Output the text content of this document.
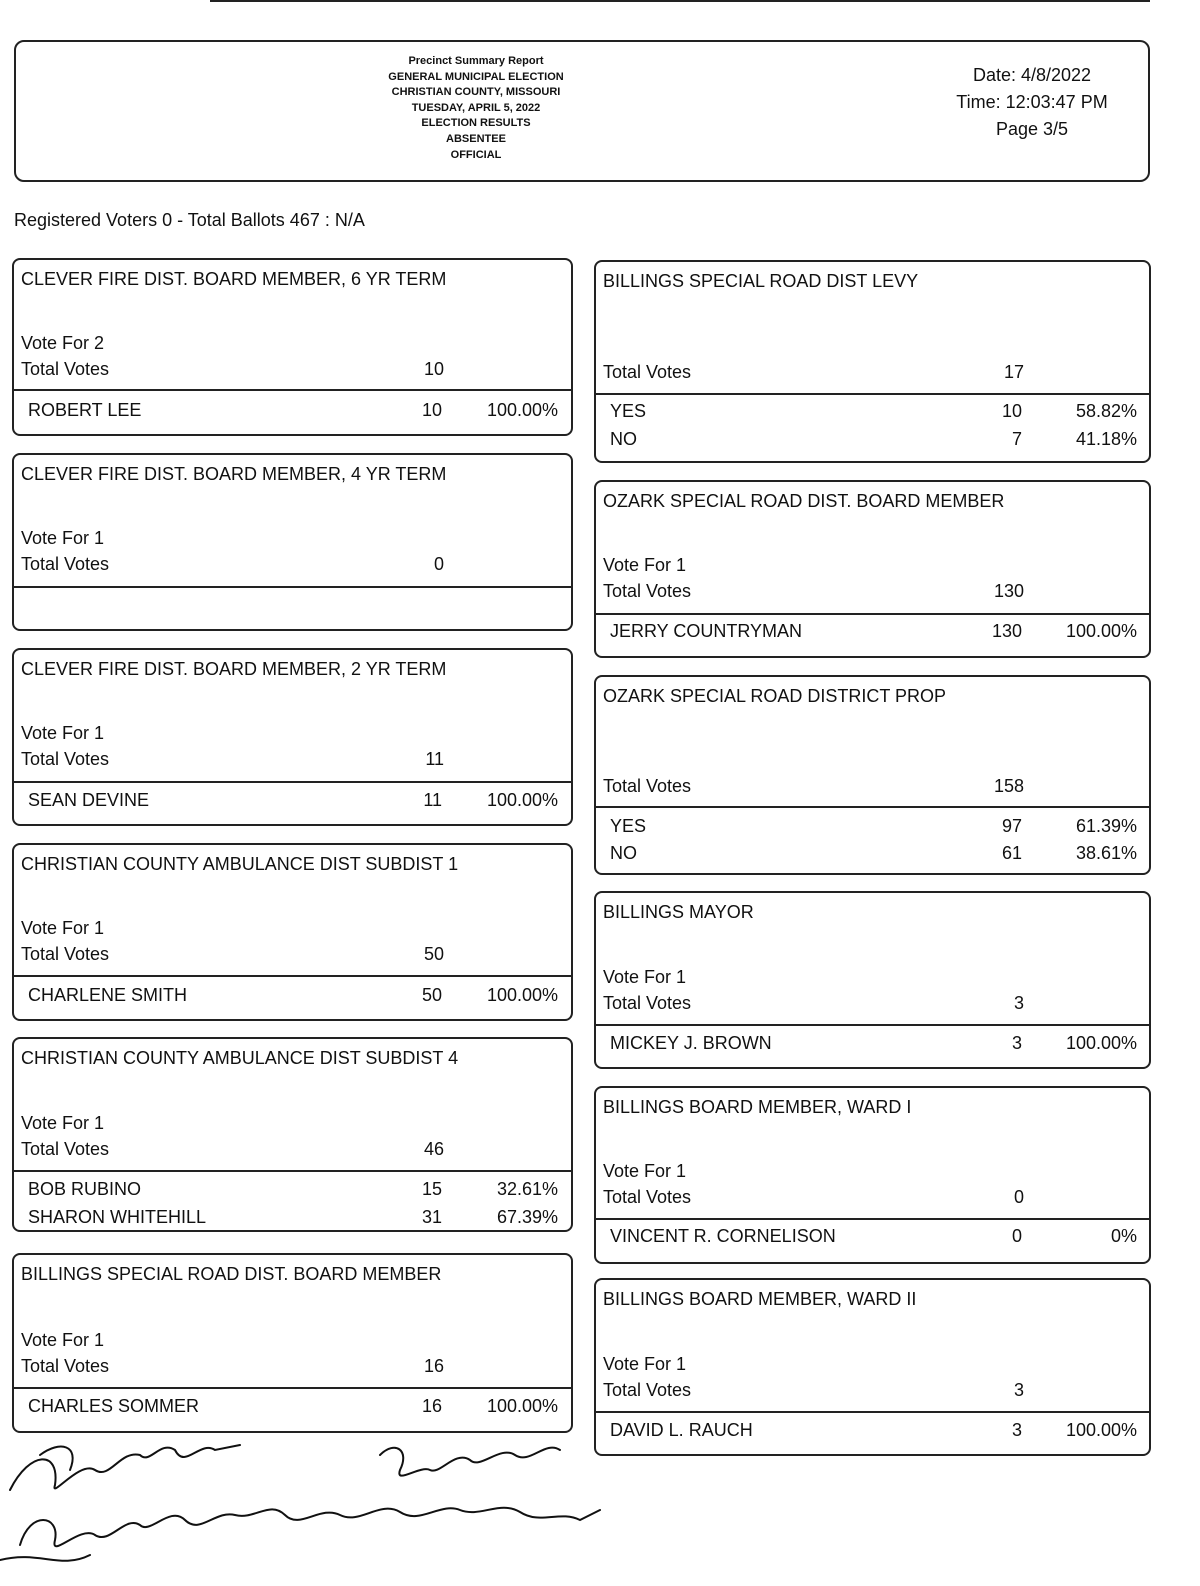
Precinct Summary Report
GENERAL MUNICIPAL ELECTION
CHRISTIAN COUNTY, MISSOURI
TUESDAY, APRIL 5, 2022
ELECTION RESULTS
ABSENTEE
OFFICIAL
Date: 4/8/2022
Time: 12:03:47 PM
Page 3/5
Registered Voters 0 - Total Ballots 467 : N/A
CLEVER FIRE DIST. BOARD MEMBER, 6 YR TERM
Vote For 2
Total Votes	10
ROBERT LEE	10	100.00%
CLEVER FIRE DIST. BOARD MEMBER, 4 YR TERM
Vote For 1
Total Votes	0
CLEVER FIRE DIST. BOARD MEMBER, 2 YR TERM
Vote For 1
Total Votes	11
SEAN DEVINE	11	100.00%
CHRISTIAN COUNTY AMBULANCE DIST SUBDIST 1
Vote For 1
Total Votes	50
CHARLENE SMITH	50	100.00%
CHRISTIAN COUNTY AMBULANCE DIST SUBDIST 4
Vote For 1
Total Votes	46
BOB RUBINO	15	32.61%
SHARON WHITEHILL	31	67.39%
BILLINGS SPECIAL ROAD DIST. BOARD MEMBER
Vote For 1
Total Votes	16
CHARLES SOMMER	16	100.00%
BILLINGS SPECIAL ROAD DIST LEVY
Total Votes	17
YES	10	58.82%
NO	7	41.18%
OZARK SPECIAL ROAD DIST. BOARD MEMBER
Vote For 1
Total Votes	130
JERRY COUNTRYMAN	130	100.00%
OZARK SPECIAL ROAD DISTRICT PROP
Total Votes	158
YES	97	61.39%
NO	61	38.61%
BILLINGS MAYOR
Vote For 1
Total Votes	3
MICKEY J. BROWN	3	100.00%
BILLINGS BOARD MEMBER, WARD I
Vote For 1
Total Votes	0
VINCENT R. CORNELISON	0	0%
BILLINGS BOARD MEMBER, WARD II
Vote For 1
Total Votes	3
DAVID L. RAUCH	3	100.00%
